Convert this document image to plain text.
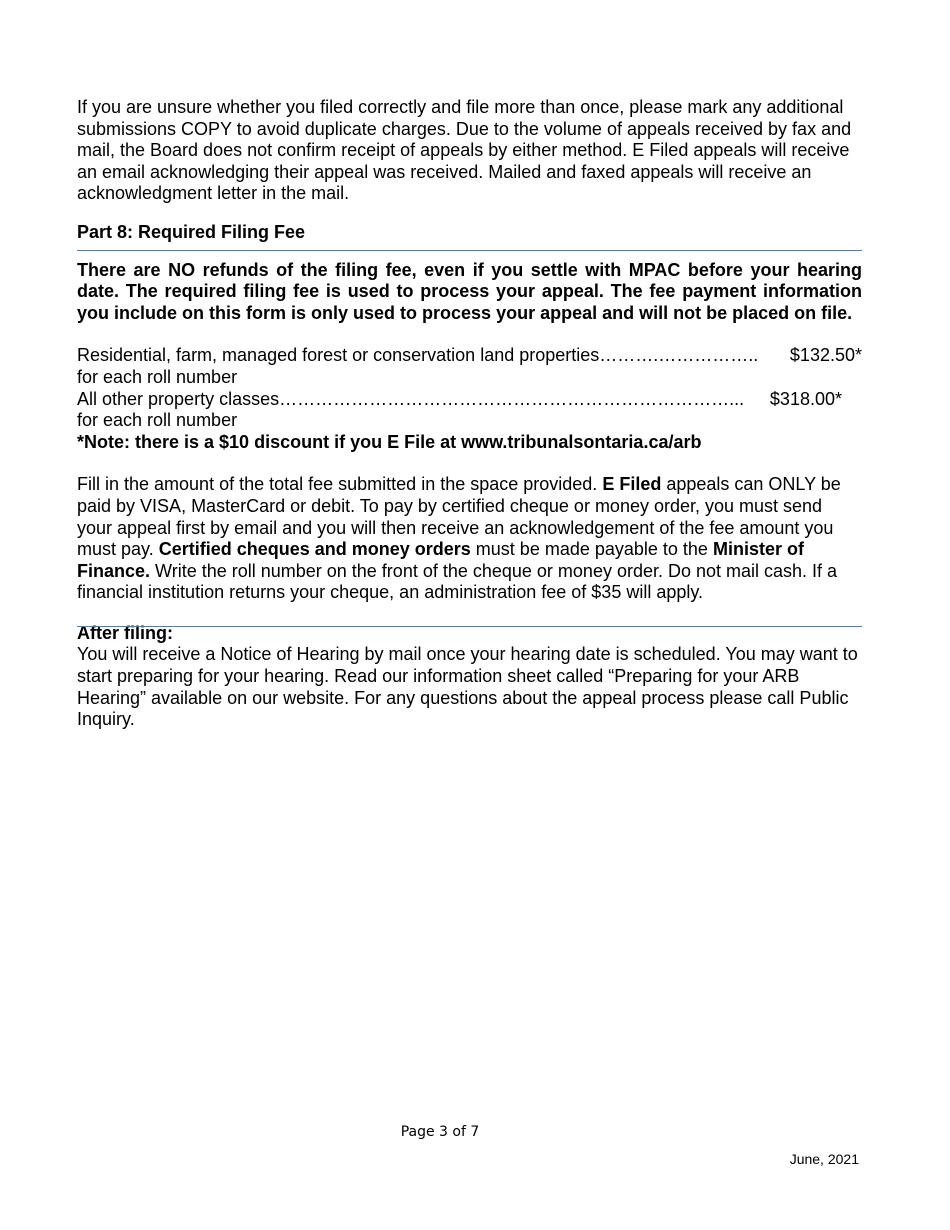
If you are unsure whether you filed correctly and file more than once, please mark any additional submissions COPY to avoid duplicate charges. Due to the volume of appeals received by fax and mail, the Board does not confirm receipt of appeals by either method. E Filed appeals will receive an email acknowledging their appeal was received. Mailed and faxed appeals will receive an acknowledgment letter in the mail.

Part 8: Required Filing Fee

There are NO refunds of the filing fee, even if you settle with MPAC before your hearing date. The required filing fee is used to process your appeal. The fee payment information you include on this form is only used to process your appeal and will not be placed on file.

Residential, farm, managed forest or conservation land properties……….…………….. $132.50*
for each roll number
All other property classes…………………………………………………………………... $318.00*
for each roll number

*Note: there is a $10 discount if you E File at www.tribunalsontaria.ca/arb

Fill in the amount of the total fee submitted in the space provided. E Filed appeals can ONLY be paid by VISA, MasterCard or debit. To pay by certified cheque or money order, you must send your appeal first by email and you will then receive an acknowledgement of the fee amount you must pay. Certified cheques and money orders must be made payable to the Minister of Finance. Write the roll number on the front of the cheque or money order. Do not mail cash. If a financial institution returns your cheque, an administration fee of $35 will apply.

After filing:

You will receive a Notice of Hearing by mail once your hearing date is scheduled. You may want to start preparing for your hearing. Read our information sheet called “Preparing for your ARB Hearing” available on our website. For any questions about the appeal process please call Public Inquiry.

Page 3 of 7
June, 2021
